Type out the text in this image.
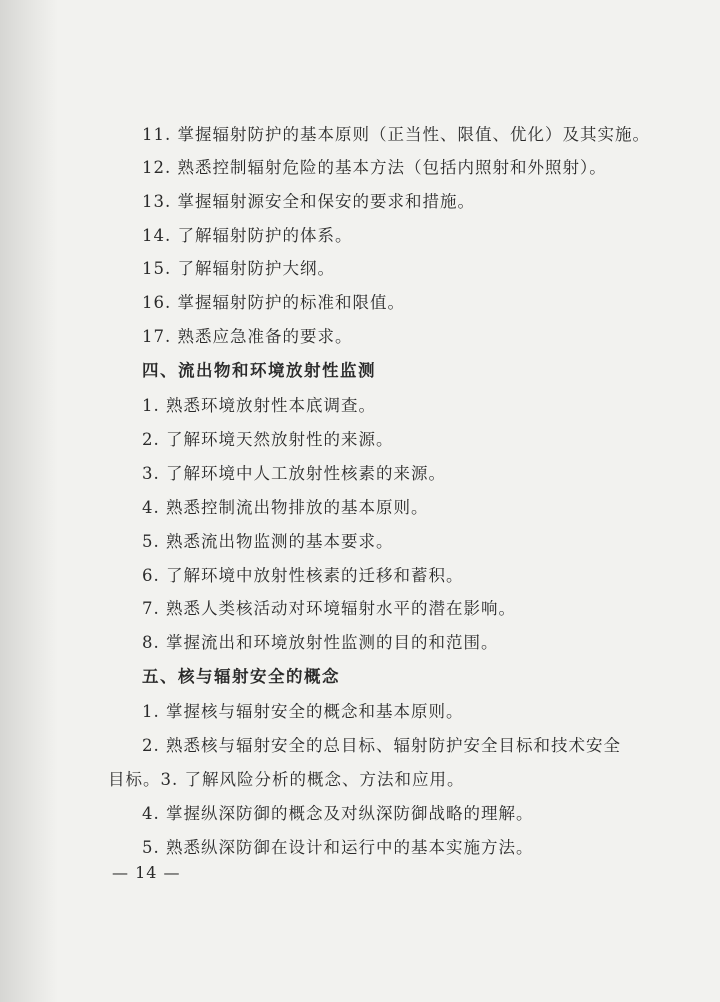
11. 掌握辐射防护的基本原则（正当性、限值、优化）及其实施。
12. 熟悉控制辐射危险的基本方法（包括内照射和外照射）。
13. 掌握辐射源安全和保安的要求和措施。
14. 了解辐射防护的体系。
15. 了解辐射防护大纲。
16. 掌握辐射防护的标准和限值。
17. 熟悉应急准备的要求。
四、流出物和环境放射性监测
1. 熟悉环境放射性本底调查。
2. 了解环境天然放射性的来源。
3. 了解环境中人工放射性核素的来源。
4. 熟悉控制流出物排放的基本原则。
5. 熟悉流出物监测的基本要求。
6. 了解环境中放射性核素的迁移和蓄积。
7. 熟悉人类核活动对环境辐射水平的潜在影响。
8. 掌握流出和环境放射性监测的目的和范围。
五、核与辐射安全的概念
1. 掌握核与辐射安全的概念和基本原则。
2. 熟悉核与辐射安全的总目标、辐射防护安全目标和技术安全
目标。3. 了解风险分析的概念、方法和应用。
4. 掌握纵深防御的概念及对纵深防御战略的理解。
5. 熟悉纵深防御在设计和运行中的基本实施方法。
— 14 —
